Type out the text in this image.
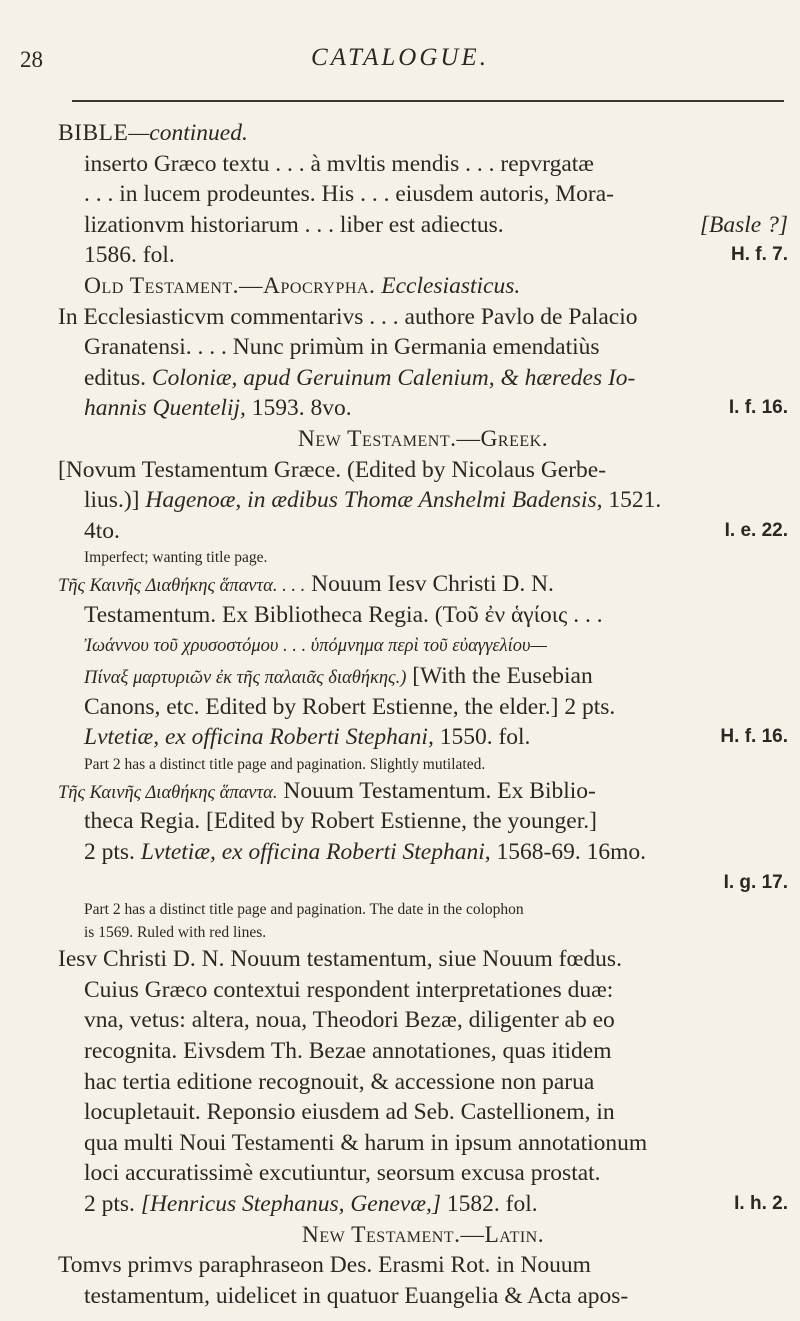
28	CATALOGUE.
BIBLE—continued.
inserto Græco textu . . . à mvltis mendis . . . repvrgatæ
. . . in lucem prodeuntes. His . . . eiusdem autoris, Mora-
lizationvm historiarum . . . liber est adiectus.	[Basle ?]
1586. fol.	H. f. 7.
Old Testament.—Apocrypha. Ecclesiasticus.
In Ecclesiasticvm commentarivs . . . authore Pavlo de Palacio
Granatensi. . . . Nunc primùm in Germania emendatiùs
editus. Coloniæ, apud Geruinum Calenium, & hæredes Io-
hannis Quentelij, 1593. 8vo.	I. f. 16.
New Testament.—Greek.
[Novum Testamentum Græce. (Edited by Nicolaus Gerbe-
lius.)] Hagenoæ, in ædibus Thomæ Anshelmi Badensis, 1521.
4to.	I. e. 22.
Imperfect; wanting title page.
Τῆς Καινῆς Διαθήκης ἅπαντα. . . . Nouum Iesv Christi D. N.
Testamentum. Ex Bibliotheca Regia. (Τοῦ ἐν ἁγίοις . . .
Ἰωάννου τοῦ χρυσοστόμου . . . ὑπόμνημα περὶ τοῦ εὐαγγελίου—
Πίναξ μαρτυριῶν ἐκ τῆς παλαιᾶς διαθήκης.) [With the Eusebian
Canons, etc. Edited by Robert Estienne, the elder.] 2 pts.
Lvtetiæ, ex officina Roberti Stephani, 1550. fol.	H. f. 16.
Part 2 has a distinct title page and pagination. Slightly mutilated.
Τῆς Καινῆς Διαθήκης ἅπαντα. Nouum Testamentum. Ex Biblio-
theca Regia. [Edited by Robert Estienne, the younger.]
2 pts. Lvtetiæ, ex officina Roberti Stephani, 1568-69. 16mo.
I. g. 17.
Part 2 has a distinct title page and pagination. The date in the colophon
is 1569. Ruled with red lines.
Iesv Christi D. N. Nouum testamentum, siue Nouum fœdus.
Cuius Græco contextui respondent interpretationes duæ:
vna, vetus: altera, noua, Theodori Bezæ, diligenter ab eo
recognita. Eivsdem Th. Bezae annotationes, quas itidem
hac tertia editione recognouit, & accessione non parua
locupletauit. Reponsio eiusdem ad Seb. Castellionem, in
qua multi Noui Testamenti & harum in ipsum annotationum
loci accuratissimè excutiuntur, seorsum excusa prostat.
2 pts. [Henricus Stephanus, Genevæ,] 1582. fol.	I. h. 2.
New Testament.—Latin.
Tomvs primvs paraphraseon Des. Erasmi Rot. in Nouum
testamentum, uidelicet in quatuor Euangelia & Acta apos-
